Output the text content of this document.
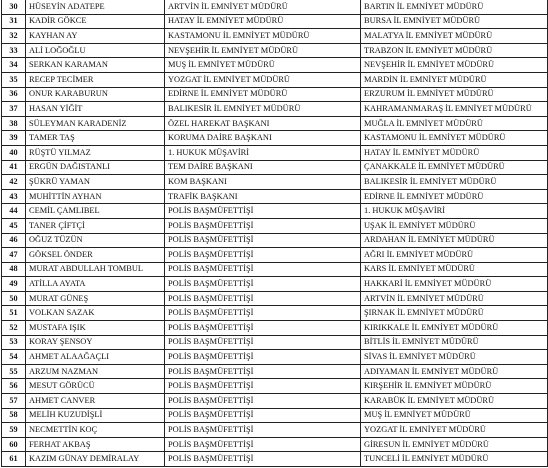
30	HÜSEYİN ADATEPE	ARTVİN İL EMNİYET MÜDÜRÜ	BARTIN İL EMNİYET MÜDÜRÜ
31	KADİR GÖKCE	HATAY İL EMNİYET MÜDÜRÜ	BURSA İL EMNİYET MÜDÜRÜ
32	KAYHAN AY	KASTAMONU İL EMNİYET MÜDÜRÜ	MALATYA İL EMNİYET MÜDÜRÜ
33	ALİ LOĞOĞLU	NEVŞEHİR İL EMNİYET MÜDÜRÜ	TRABZON İL EMNİYET MÜDÜRÜ
34	SERKAN KARAMAN	MUŞ İL EMNİYET MÜDÜRÜ	NEVŞEHİR İL EMNİYET MÜDÜRÜ
35	RECEP TECİMER	YOZGAT İL EMNİYET MÜDÜRÜ	MARDİN İL EMNİYET MÜDÜRÜ
36	ONUR KARABURUN	EDİRNE İL EMNİYET MÜDÜRÜ	ERZURUM İL EMNİYET MÜDÜRÜ
37	HASAN YİĞİT	BALIKESİR İL EMNİYET MÜDÜRÜ	KAHRAMANMARAŞ İL EMNİYET MÜDÜRÜ
38	SÜLEYMAN KARADENİZ	ÖZEL HAREKAT BAŞKANI	MUĞLA İL EMNİYET MÜDÜRÜ
39	TAMER TAŞ	KORUMA DAİRE BAŞKANI	KASTAMONU İL EMNİYET MÜDÜRÜ
40	RÜŞTÜ YILMAZ	1. HUKUK MÜŞAVİRİ	HATAY İL EMNİYET MÜDÜRÜ
41	ERGÜN DAĞISTANLI	TEM DAİRE BAŞKANI	ÇANAKKALE İL EMNİYET MÜDÜRÜ
42	ŞÜKRÜ YAMAN	KOM BAŞKANI	BALIKESİR İL EMNİYET MÜDÜRÜ
43	MUHİTTİN AYHAN	TRAFİK BAŞKANI	EDİRNE İL EMNİYET MÜDÜRÜ
44	CEMİL ÇAMLIBEL	POLİS BAŞMÜFETTİŞİ	1. HUKUK MÜŞAVİRİ
45	TANER ÇİFTÇİ	POLİS BAŞMÜFETTİŞİ	UŞAK İL EMNİYET MÜDÜRÜ
46	OĞUZ TÜZÜN	POLİS BAŞMÜFETTİŞİ	ARDAHAN İL EMNİYET MÜDÜRÜ
47	GÖKSEL ÖNDER	POLİS BAŞMÜFETTİŞİ	AĞRI İL EMNİYET MÜDÜRÜ
48	MURAT ABDULLAH TOMBUL	POLİS BAŞMÜFETTİŞİ	KARS İL EMNİYET MÜDÜRÜ
49	ATİLLA AYATA	POLİS BAŞMÜFETTİŞİ	HAKKARİ İL EMNİYET MÜDÜRÜ
50	MURAT GÜNEŞ	POLİS BAŞMÜFETTİŞİ	ARTVİN İL EMNİYET MÜDÜRÜ
51	VOLKAN SAZAK	POLİS BAŞMÜFETTİŞİ	ŞIRNAK İL EMNİYET MÜDÜRÜ
52	MUSTAFA IŞIK	POLİS BAŞMÜFETTİŞİ	KIRIKKALE İL EMNİYET MÜDÜRÜ
53	KORAY ŞENSOY	POLİS BAŞMÜFETTİŞİ	BİTLİS İL EMNİYET MÜDÜRÜ
54	AHMET ALAAĞAÇLI	POLİS BAŞMÜFETTİŞİ	SİVAS İL EMNİYET MÜDÜRÜ
55	ARZUM NAZMAN	POLİS BAŞMÜFETTİŞİ	ADIYAMAN İL EMNİYET MÜDÜRÜ
56	MESUT GÖRÜCÜ	POLİS BAŞMÜFETTİŞİ	KIRŞEHİR İL EMNİYET MÜDÜRÜ
57	AHMET CANVER	POLİS BAŞMÜFETTİŞİ	KARABÜK İL EMNİYET MÜDÜRÜ
58	MELİH KUZUDİŞLİ	POLİS BAŞMÜFETTİŞİ	MUŞ İL EMNİYET MÜDÜRÜ
59	NECMETTİN KOÇ	POLİS BAŞMÜFETTİŞİ	YOZGAT İL EMNİYET MÜDÜRÜ
60	FERHAT AKBAŞ	POLİS BAŞMÜFETTİŞİ	GİRESUN İL EMNİYET MÜDÜRÜ
61	KAZIM GÜNAY DEMİRALAY	POLİS BAŞMÜFETTİŞİ	TUNCELİ İL EMNİYET MÜDÜRÜ
